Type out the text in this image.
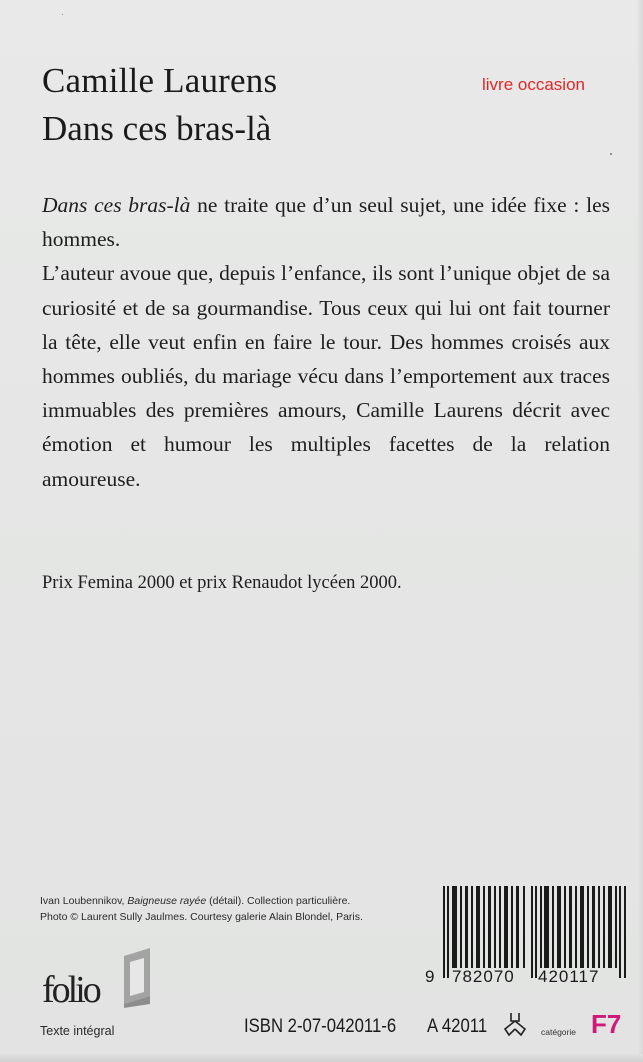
Camille Laurens
Dans ces bras-là
livre occasion

Dans ces bras-là ne traite que d’un seul sujet, une idée fixe : les hommes.

L’auteur avoue que, depuis l’enfance, ils sont l’unique objet de sa curiosité et de sa gourmandise. Tous ceux qui lui ont fait tourner la tête, elle veut enfin en faire le tour. Des hommes croisés aux hommes oubliés, du mariage vécu dans l’emportement aux traces immuables des premières amours, Camille Laurens décrit avec émotion et humour les multiples facettes de la relation amoureuse.

Prix Femina 2000 et prix Renaudot lycéen 2000.
Ivan Loubennikov, Baigneuse rayée (détail). Collection particulière.
Photo © Laurent Sully Jaulmes. Courtesy galerie Alain Blondel, Paris.
folio
Texte intégral
9 782070	420117
ISBN 2-07-042011-6 A 42011	catégorie F7
